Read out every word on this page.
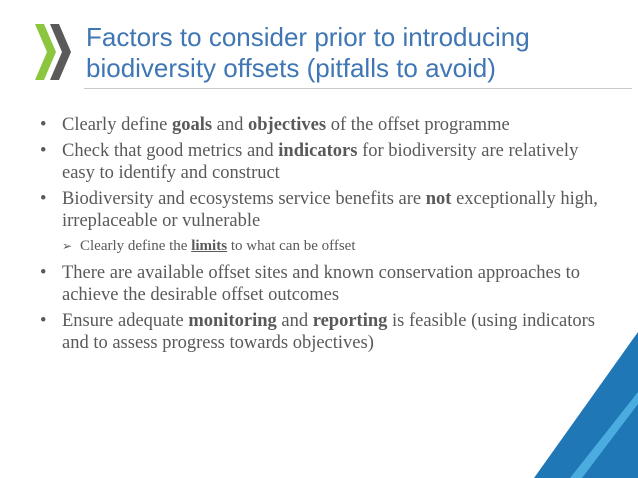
Factors to consider prior to introducing
biodiversity offsets (pitfalls to avoid)
• Clearly define goals and objectives of the offset programme
• Check that good metrics and indicators for biodiversity are relatively easy to identify and construct
• Biodiversity and ecosystems service benefits are not exceptionally high, irreplaceable or vulnerable
➢ Clearly define the limits to what can be offset
• There are available offset sites and known conservation approaches to achieve the desirable offset outcomes
• Ensure adequate monitoring and reporting is feasible (using indicators and to assess progress towards objectives)
